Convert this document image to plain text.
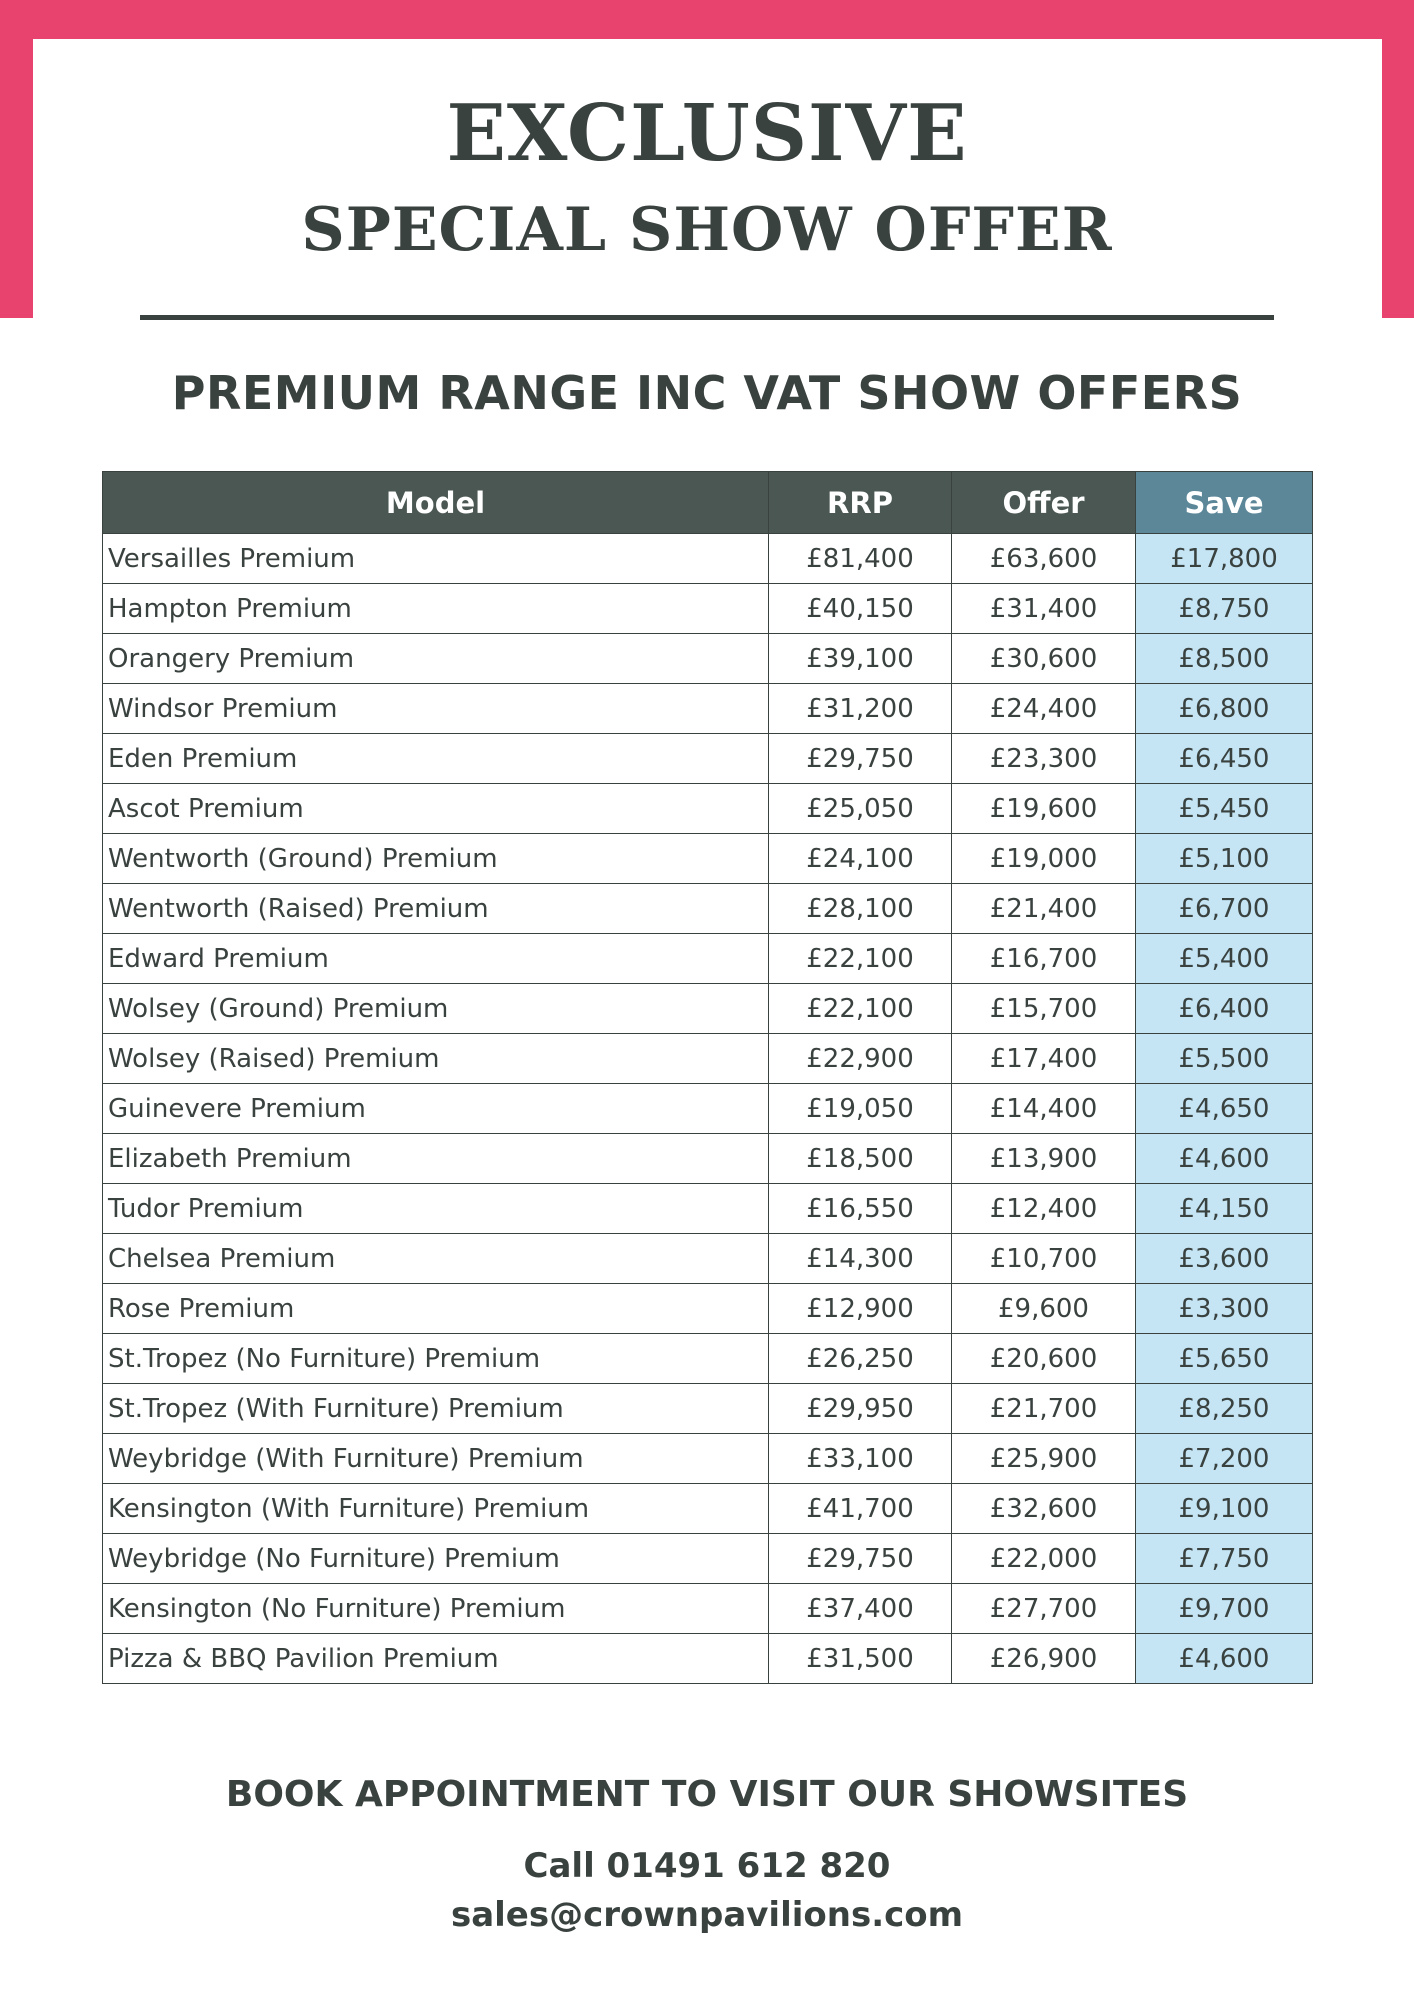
EXCLUSIVE
SPECIAL SHOW OFFER
PREMIUM RANGE INC VAT SHOW OFFERS
Model	RRP	Offer	Save
Versailles Premium	£81,400	£63,600	£17,800
Hampton Premium	£40,150	£31,400	£8,750
Orangery Premium	£39,100	£30,600	£8,500
Windsor Premium	£31,200	£24,400	£6,800
Eden Premium	£29,750	£23,300	£6,450
Ascot Premium	£25,050	£19,600	£5,450
Wentworth (Ground) Premium	£24,100	£19,000	£5,100
Wentworth (Raised) Premium	£28,100	£21,400	£6,700
Edward Premium	£22,100	£16,700	£5,400
Wolsey (Ground) Premium	£22,100	£15,700	£6,400
Wolsey (Raised) Premium	£22,900	£17,400	£5,500
Guinevere Premium	£19,050	£14,400	£4,650
Elizabeth Premium	£18,500	£13,900	£4,600
Tudor Premium	£16,550	£12,400	£4,150
Chelsea Premium	£14,300	£10,700	£3,600
Rose Premium	£12,900	£9,600	£3,300
St.Tropez (No Furniture) Premium	£26,250	£20,600	£5,650
St.Tropez (With Furniture) Premium	£29,950	£21,700	£8,250
Weybridge (With Furniture) Premium	£33,100	£25,900	£7,200
Kensington (With Furniture) Premium	£41,700	£32,600	£9,100
Weybridge (No Furniture) Premium	£29,750	£22,000	£7,750
Kensington (No Furniture) Premium	£37,400	£27,700	£9,700
Pizza & BBQ Pavilion Premium	£31,500	£26,900	£4,600
BOOK APPOINTMENT TO VISIT OUR SHOWSITES
Call 01491 612 820
sales@crownpavilions.com
